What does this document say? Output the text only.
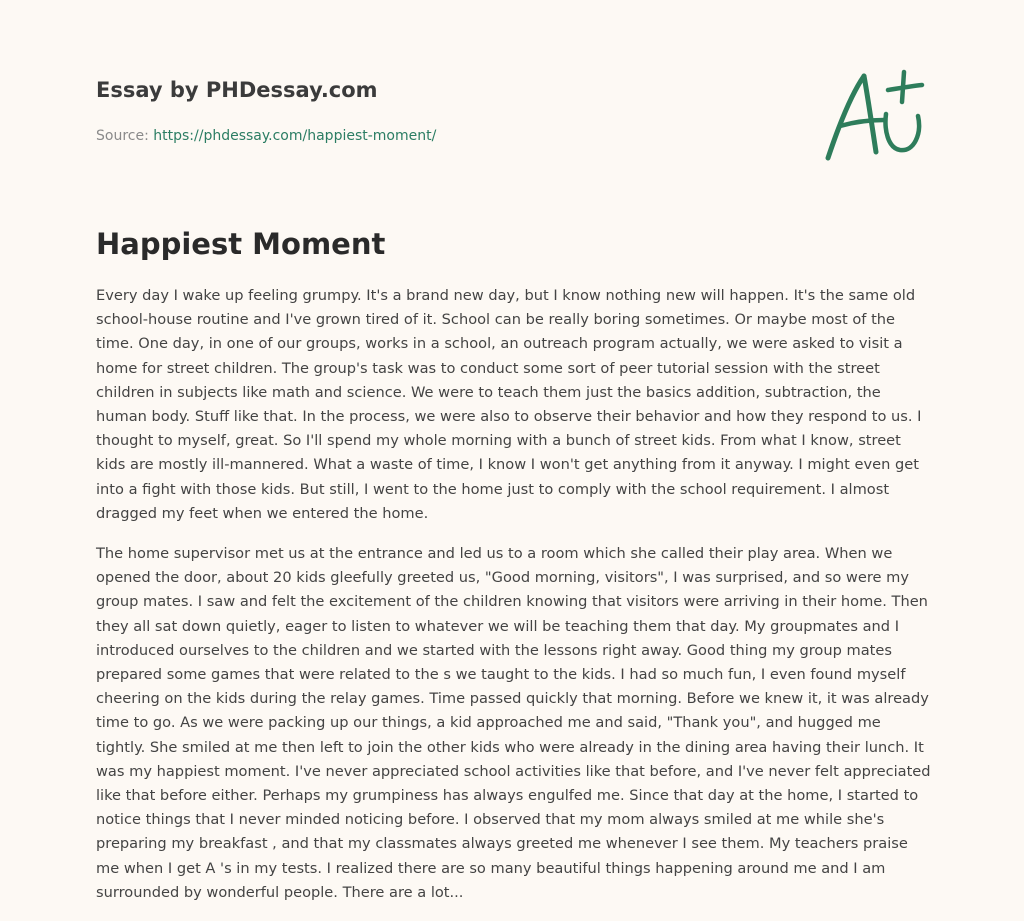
Essay by PHDessay.com
Source: https://phdessay.com/happiest-moment/
Happiest Moment

Every day I wake up feeling grumpy. It's a brand new day, but I know nothing new will happen. It's the same old school-house routine and I've grown tired of it. School can be really boring sometimes. Or maybe most of the time. One day, in one of our groups, works in a school, an outreach program actually, we were asked to visit a home for street children. The group's task was to conduct some sort of peer tutorial session with the street children in subjects like math and science. We were to teach them just the basics addition, subtraction, the human body. Stuff like that. In the process, we were also to observe their behavior and how they respond to us. I thought to myself, great. So I'll spend my whole morning with a bunch of street kids. From what I know, street kids are mostly ill-mannered. What a waste of time, I know I won't get anything from it anyway. I might even get into a fight with those kids. But still, I went to the home just to comply with the school requirement. I almost dragged my feet when we entered the home.

The home supervisor met us at the entrance and led us to a room which she called their play area. When we opened the door, about 20 kids gleefully greeted us, "Good morning, visitors", I was surprised, and so were my group mates. I saw and felt the excitement of the children knowing that visitors were arriving in their home. Then they all sat down quietly, eager to listen to whatever we will be teaching them that day. My groupmates and I introduced ourselves to the children and we started with the lessons right away. Good thing my group mates prepared some games that were related to the s we taught to the kids. I had so much fun, I even found myself cheering on the kids during the relay games. Time passed quickly that morning. Before we knew it, it was already time to go. As we were packing up our things, a kid approached me and said, "Thank you", and hugged me tightly. She smiled at me then left to join the other kids who were already in the dining area having their lunch. It was my happiest moment. I've never appreciated school activities like that before, and I've never felt appreciated like that before either. Perhaps my grumpiness has always engulfed me. Since that day at the home, I started to notice things that I never minded noticing before. I observed that my mom always smiled at me while she's preparing my breakfast , and that my classmates always greeted me whenever I see them. My teachers praise me when I get A 's in my tests. I realized there are so many beautiful things happening around me and I am surrounded by wonderful people. There are a lot...
